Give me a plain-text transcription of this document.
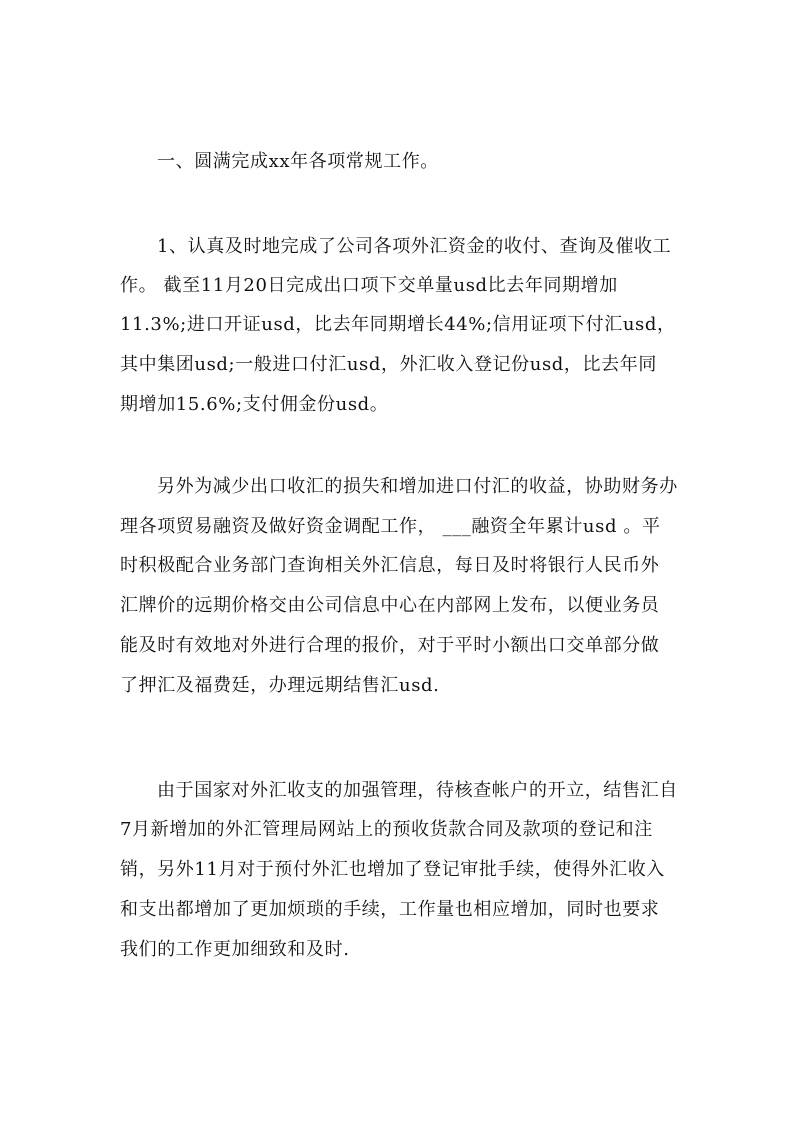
一、圆满完成xx年各项常规工作。
1、认真及时地完成了公司各项外汇资金的收付、查询及催收工
作。 截至11月20日完成出口项下交单量usd比去年同期增加
11.3%;进口开证usd，比去年同期增长44%;信用证项下付汇usd，
其中集团usd;一般进口付汇usd，外汇收入登记份usd，比去年同
期增加15.6%;支付佣金份usd。
另外为减少出口收汇的损失和增加进口付汇的收益，协助财务办
理各项贸易融资及做好资金调配工作， ___融资全年累计usd 。平
时积极配合业务部门查询相关外汇信息，每日及时将银行人民币外
汇牌价的远期价格交由公司信息中心在内部网上发布，以便业务员
能及时有效地对外进行合理的报价，对于平时小额出口交单部分做
了押汇及福费廷，办理远期结售汇usd.
由于国家对外汇收支的加强管理，待核查帐户的开立，结售汇自
7月新增加的外汇管理局网站上的预收货款合同及款项的登记和注
销，另外11月对于预付外汇也增加了登记审批手续，使得外汇收入
和支出都增加了更加烦琐的手续，工作量也相应增加，同时也要求
我们的工作更加细致和及时.
